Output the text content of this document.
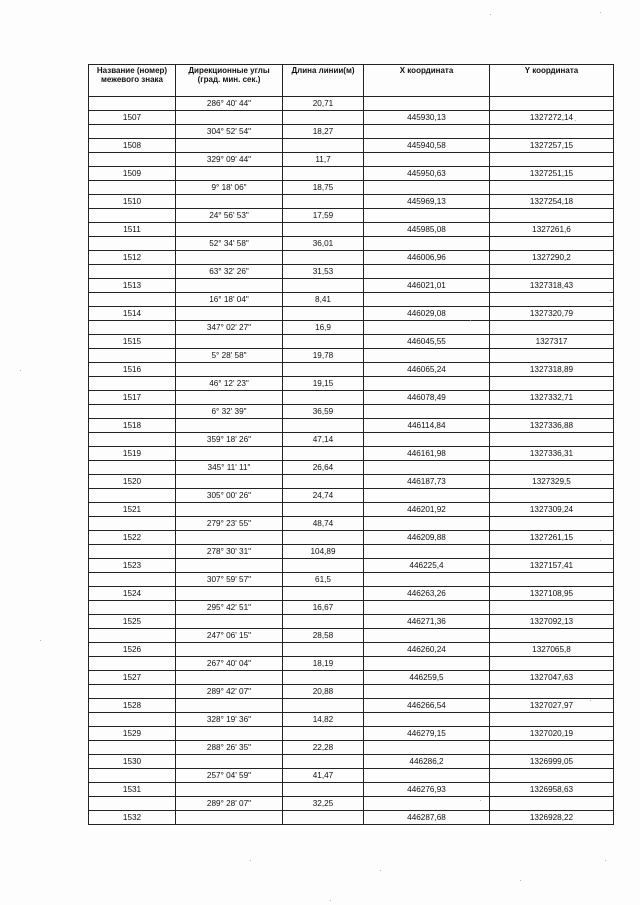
Название (номер) межевого знака	Дирекционные углы (град. мин. сек.)	Длина линии(м)	X координата	Y координата
	286° 40' 44"	20,71		
1507			445930,13	1327272,14
	304° 52' 54"	18,27		
1508			445940,58	1327257,15
	329° 09' 44"	11,7		
1509			445950,63	1327251,15
	9° 18' 06"	18,75		
1510			445969,13	1327254,18
	24° 56' 53"	17,59		
1511			445985,08	1327261,6
	52° 34' 58"	36,01		
1512			446006,96	1327290,2
	63° 32' 26"	31,53		
1513			446021,01	1327318,43
	16° 18' 04"	8,41		
1514			446029,08	1327320,79
	347° 02' 27"	16,9		
1515			446045,55	1327317
	5° 28' 58"	19,78		
1516			446065,24	1327318,89
	46° 12' 23"	19,15		
1517			446078,49	1327332,71
	6° 32' 39"	36,59		
1518			446114,84	1327336,88
	359° 18' 26"	47,14		
1519			446161,98	1327336,31
	345° 11' 11"	26,64		
1520			446187,73	1327329,5
	305° 00' 26"	24,74		
1521			446201,92	1327309,24
	279° 23' 55"	48,74		
1522			446209,88	1327261,15
	278° 30' 31"	104,89		
1523			446225,4	1327157,41
	307° 59' 57"	61,5		
1524			446263,26	1327108,95
	295° 42' 51"	16,67		
1525			446271,36	1327092,13
	247° 06' 15"	28,58		
1526			446260,24	1327065,8
	267° 40' 04"	18,19		
1527			446259,5	1327047,63
	289° 42' 07"	20,88		
1528			446266,54	1327027,97
	328° 19' 36"	14,82		
1529			446279,15	1327020,19
	288° 26' 35"	22,28		
1530			446286,2	1326999,05
	257° 04' 59"	41,47		
1531			446276,93	1326958,63
	289° 28' 07"	32,25		
1532			446287,68	1326928,22
